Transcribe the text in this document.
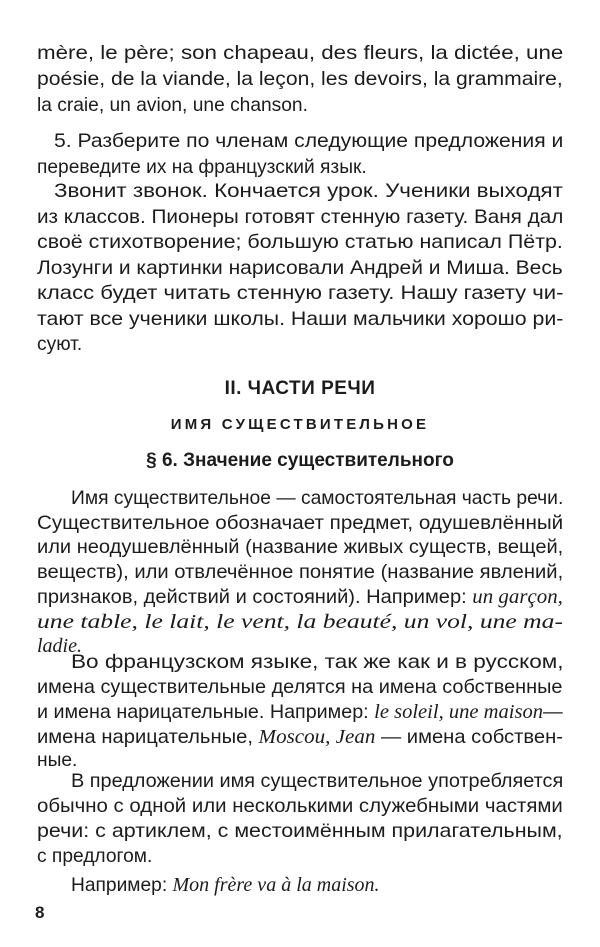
mère, le père; son chapeau, des fleurs, la dictée, une
poésie, de la viande, la leçon, les devoirs, la grammaire,
la craie, un avion, une chanson.
5. Разберите по членам следующие предложения и
переведите их на французский язык.
Звонит звонок. Кончается урок. Ученики выходят
из классов. Пионеры готовят стенную газету. Ваня дал
своё стихотворение; большую статью написал Пётр.
Лозунги и картинки нарисовали Андрей и Миша. Весь
класс будет читать стенную газету. Нашу газету чи-
тают все ученики школы. Наши мальчики хорошо ри-
суют.
II. ЧАСТИ РЕЧИ
ИМЯ СУЩЕСТВИТЕЛЬНОЕ
§ 6. Значение существительного
Имя существительное — самостоятельная часть речи.
Существительное обозначает предмет, одушевлённый
или неодушевлённый (название живых существ, вещей,
веществ), или отвлечённое понятие (название явлений,
признаков, действий и состояний). Например: un garçon,
une table, le lait, le vent, la beauté, un vol, une ma-
ladie.
Во французском языке, так же как и в русском,
имена существительные делятся на имена собственные
и имена нарицательные. Например: le soleil, une maison—
имена нарицательные, Moscou, Jean — имена собствен-
ные.
В предложении имя существительное употребляется
обычно с одной или несколькими служебными частями
речи: с артиклем, с местоимённым прилагательным,
с предлогом.
Например: Mon frère va à la maison.
8
